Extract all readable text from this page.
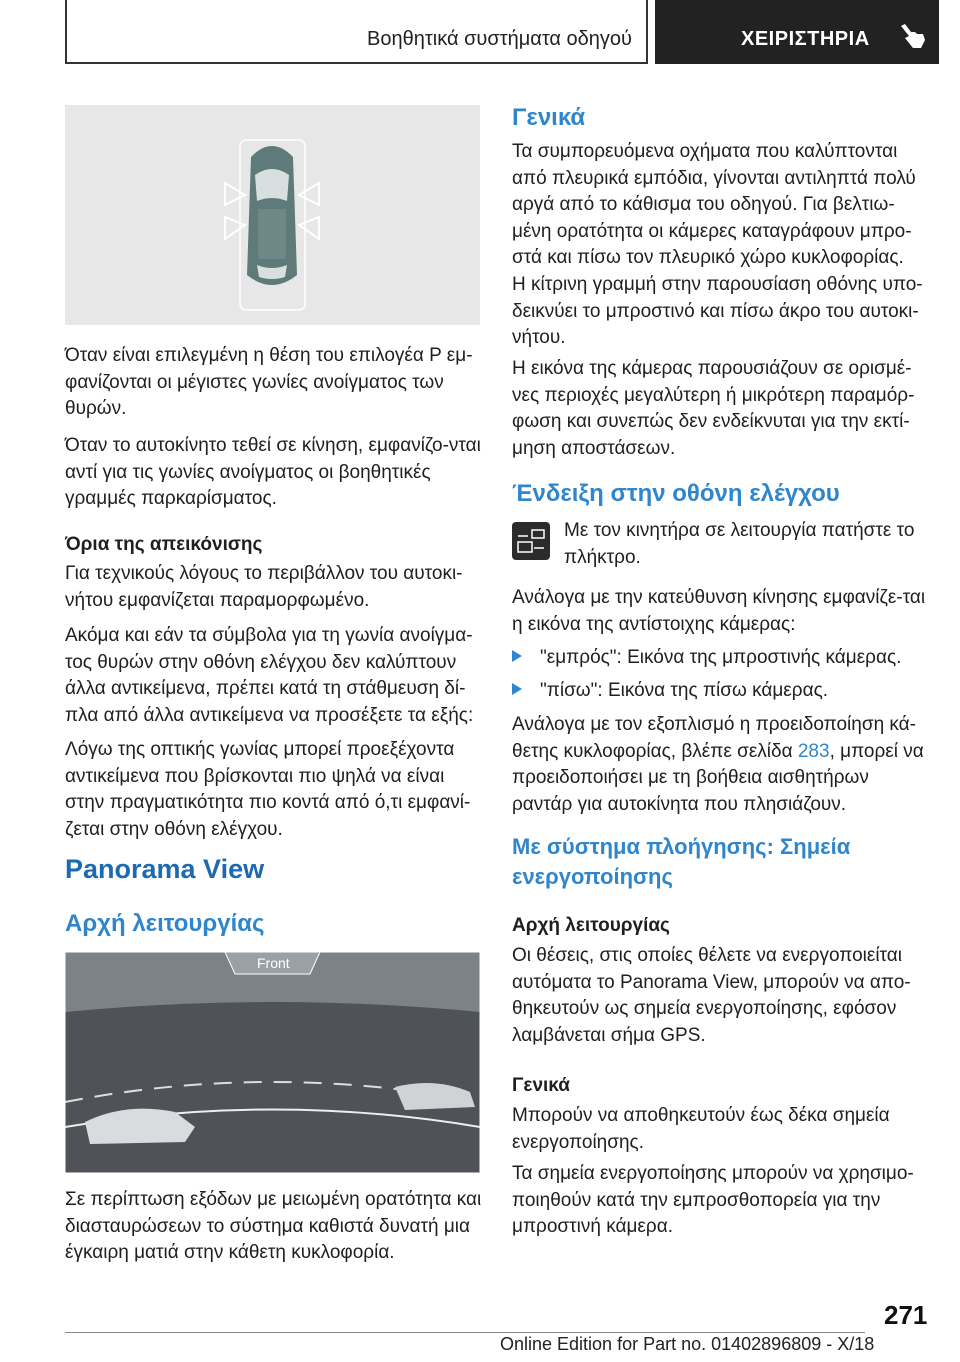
Βοηθητικά συστήματα οδηγού	ΧΕΙΡΙΣΤΗΡΙΑ
Όταν είναι επιλεγμένη η θέση του επιλογέα P εμ-φανίζονται οι μέγιστες γωνίες ανοίγματος των θυρών.
Όταν το αυτοκίνητο τεθεί σε κίνηση, εμφανίζο-νται αντί για τις γωνίες ανοίγματος οι βοηθητικές γραμμές παρκαρίσματος.
Όρια της απεικόνισης
Για τεχνικούς λόγους το περιβάλλον του αυτοκι-νήτου εμφανίζεται παραμορφωμένο.
Ακόμα και εάν τα σύμβολα για τη γωνία ανοίγμα-τος θυρών στην οθόνη ελέγχου δεν καλύπτουν άλλα αντικείμενα, πρέπει κατά τη στάθμευση δί-πλα από άλλα αντικείμενα να προσέξετε τα εξής:
Λόγω της οπτικής γωνίας μπορεί προεξέχοντα αντικείμενα που βρίσκονται πιο ψηλά να είναι στην πραγματικότητα πιο κοντά από ό,τι εμφανί-ζεται στην οθόνη ελέγχου.
Panorama View
Αρχή λειτουργίας
Front
Σε περίπτωση εξόδων με μειωμένη ορατότητα και διασταυρώσεων το σύστημα καθιστά δυνατή μια έγκαιρη ματιά στην κάθετη κυκλοφορία.
Γενικά
Τα συμπορευόμενα οχήματα που καλύπτονται από πλευρικά εμπόδια, γίνονται αντιληπτά πολύ αργά από το κάθισμα του οδηγού. Για βελτιω-μένη ορατότητα οι κάμερες καταγράφουν μπρο-στά και πίσω τον πλευρικό χώρο κυκλοφορίας.
Η κίτρινη γραμμή στην παρουσίαση οθόνης υπο-δεικνύει το μπροστινό και πίσω άκρο του αυτοκι-νήτου.
Η εικόνα της κάμερας παρουσιάζουν σε ορισμέ-νες περιοχές μεγαλύτερη ή μικρότερη παραμόρ-φωση και συνεπώς δεν ενδείκνυται για την εκτί-μηση αποστάσεων.
Ένδειξη στην οθόνη ελέγχου
Με τον κινητήρα σε λειτουργία πατήστε το πλήκτρο.
Ανάλογα με την κατεύθυνση κίνησης εμφανίζε-ται η εικόνα της αντίστοιχης κάμερας:
"εμπρός": Εικόνα της μπροστινής κάμερας.
"πίσω": Εικόνα της πίσω κάμερας.
Ανάλογα με τον εξοπλισμό η προειδοποίηση κά-θετης κυκλοφορίας, βλέπε σελίδα 283, μπορεί να προειδοποιήσει με τη βοήθεια αισθητήρων ραντάρ για αυτοκίνητα που πλησιάζουν.
Με σύστημα πλοήγησης: Σημεία
ενεργοποίησης
Αρχή λειτουργίας
Οι θέσεις, στις οποίες θέλετε να ενεργοποιείται αυτόματα το Panorama View, μπορούν να απο-θηκευτούν ως σημεία ενεργοποίησης, εφόσον λαμβάνεται σήμα GPS.
Γενικά
Μπορούν να αποθηκευτούν έως δέκα σημεία ενεργοποίησης.
Τα σημεία ενεργοποίησης μπορούν να χρησιμο-ποιηθούν κατά την εμπροσθοπορεία για την μπροστινή κάμερα.
271
Online Edition for Part no. 01402896809 - X/18
